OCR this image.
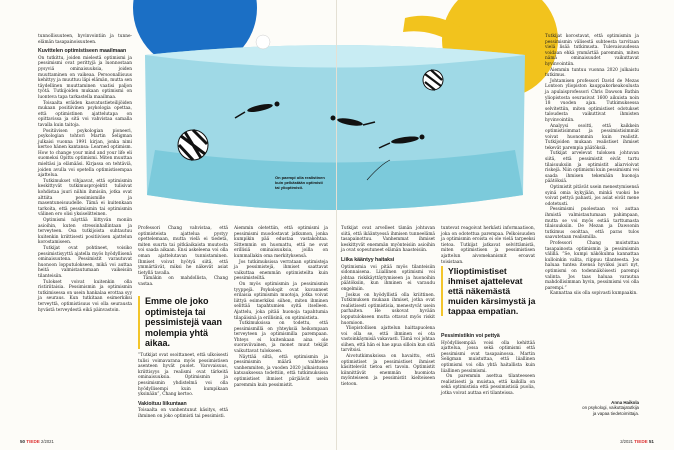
tunnollisuuteen, hyvinvointiin ja tunne-elämän tasapainoisuuteen.

Kuvittelen optimistiseen maailmaan

On tutkittu, joiden mielestä optimismi ja pessimismi ovat perittyjä ja luonnostaan pysyviä ominaisuuksia, joiden muuttaminen on vaikeaa. Persoonallisuus kehittyy ja muuttuu läpi elämän, mutta sen täydellinen muuttaminen vaatisi paljon työtä. Tutkijoiden mukaan optimismi on luonteva tapa tarkastella maailmaa.

Toisaalta eräiden kasvatustieteilijöiden mukaan positiivinen psykologia opettaa, että optimistinen ajattelutapa on opittavissa ja sitä voi vahvistaa samalla tavalla kuin taitoja.

Positiivisen psykologian pioneeri, psykologian tohtori Martin Seligman julkaisi vuonna 1991 kirjan, jonka nimi kertoo hänen kantansa: Learned optimism. How to change your mind and your life eli suomeksi Opittu optimismi. Miten muuttaa mieltäsi ja elämääsi. Kirjassa on tehtäviä, joiden avulla voi opetella optimistisempaa ajattelua.

Tutkimukset vihjaavat, että optimismin keskittyvät tutkimusprojektit tulisivat kohdistaa juuri niihin ihmisiin, jotka ovat alttiita pessimismille ja masentuneisuudelle. Tämä ei kuitenkaan tarkoita, että pessimismin tai optimismin välinen ero olisi yksiselitteinen.

Optimismi näyttää liittyvän moniin asioihin, kuten stressinhallintaan ja terveyteen. Osa tutkijoista suhtautuu kuitenkin kriittisesti positiivisen ajattelun korostamiseen.

Tutkijat ovat pohtineet, voisiko pessimistisyyttä ajatella myös hyödyllisenä ominaisuutena. Pessimistit varautuvat huonoon lopputulokseen, mikä voi auttaa heitä valmistautumaan vaikeisiin tilanteisiin.

Tulokset voivat kuitenkin olla ristiriitaisia. Pessimismin ja optimismin tutkimisessa on usein hankalaa erottaa syy ja seuraus. Kun tutkitaan esimerkiksi terveyttä, optimistisuus voi olla seurausta hyvästä terveydestä eikä päinvastoin.

Professori Chang vahvistaa, että optimisteista ajattelua pystyy opettelemaan, mutta vielä ei tiedetä, miten suurta tai pitkäaikaista muutosta voi saada aikaan. Ensi askeleena voi olla oman ajattelutavan tunnistaminen. Ihmiset voivat hyötyä siitä, että ymmärtävät, miksi he näkevät asiat tietyllä tavalla.

Tämäkin on mahdollista, Chang vastaa.

Emme ole joko optimisteja tai pessimistejä vaan molempia yhtä aikaa.

”Tutkijat ovat osoittaneet, että ulkoisesti tulisi voimavarana myös pessimistisen asenteen hyvät puolet. Varovaisuus, kriittisyys ja realismi ovat tärkeitä ominaisuuksia. Optimismin ja pessimismin yhdistelmä voi olla hyödyllisempi kuin kumpikaan yksinään”, Chang kertoo.

Vakioituu liikuntaan

Toisaalta on vanhentunut käsitys, että ihminen on joko optimisti tai pessimisti.

Aiemmin oletettiin, että optimismi ja pessimismi muodostavat jatkumon, jonka kumpikin pää edustaa vastakohtaa. Sittemmin on huomattu, että ne ovat erillisiä ominaisuuksia, joilla on kummallakin oma merkityksensä.

Jos tutkimuksissa verrataan optimisteja ja pessimistejä, ihmiset saattavat vaikuttaa enemmän optimisteilta kuin pessimisteiltä.

On myös optimismin ja pessimismin tyyppejä. Psykologit ovat kuvanneet erilaisia optimismin muotoja, jotka voivat liittyä esimerkiksi siihen, miten ihminen selittää tapahtumien syitä itselleen. Ajattelu, joka pitää huonoja tapahtumia tilapäisinä ja erillisinä, on optimistista.

Tutkimuksissa on todettu, että pessimismillä on yhteyksiä heikompaan terveyteen ja optimismilla parempaan. Yhteys ei kuitenkaan aina ole suoraviivainen, ja monet muut tekijät vaikuttavat tulokseen.

Näyttää siltä, että optimismin ja pessimismin määrä vaihtelee vanhemmiten, ja vuoden 2020 julkaistussa katsauksessa todettiin, että tutkimuksissa optimistiset ihmiset pärjäävät usein paremmin kuin pessimistit.

50 TIEDE 2/2021
On paempi olla realistinen kuin pelkästään optimisti tai ylioptimisti.

Tutkijat ovat arvelleet tämän johtuvan siitä, että ikääntyessä ihmisen tunneelämä tasapainottuu. Vanhemmat ihmiset keskittyvät enemmän myönteisiin asioihin ja ovat sopeutuneet elämän haasteisiin.

Liika kääntyy haitaksi

Optimismia voi pitää myös tilanteisiin sidonnaisena. Liiallinen optimismi voi johtaa riskikäyttäytymiseen ja huonoihin päätöksiin, kun ihminen ei varaudu ongelmiin.

Joskus on hyödyllistä olla kriittinen. Tutkimuksen mukaan ihmiset, jotka ovat realistisesti optimistisia, menestyvät usein parhaiten. He uskovat hyvään lopputulokseen mutta ottavat myös riskit huomioon.

Yliopistollisen ajattelun haittapuolena voi olla se, että ihminen ei ota vastoinkäymisiä vakavasti. Tämä voi johtaa siihen, että hän ei hae apua silloin kun sitä tarvitsisi.

Aivotutkimuksissa on havaittu, että optimistiset ja pessimistiset ihmiset käsittelevät tietoa eri tavoin. Optimistit kiinnittävät enemmän huomiota myönteiseen ja pessimistit kielteiseen tietoon.

tuntevat reagoivat herkästi informaatioon, joka on odotettua parempaa. Pelkoisuuden ja optimismin eroista ei ole vielä tarpeeksi tietoa. Tutkijat jatkavat selvittämistä, miten optimistisen ja pessimistisen ajattelun aivomekanismit eroavat toisistaan.

Ylioptimistiset ihmiset ajattelevat että näkemästä muiden kärsimystä ja tappaa empatian.
Pessimistikin voi pettyä

Hyödyllisempää voisi olla kehittää ajattelua, jossa sekä optimismi että pessimismi ovat tasapainossa. Martin Seligman muistuttaa, että liiallinen optimismi voi olla yhtä haitallista kuin liiallinen pessimismi.

On paremmin asettua tilanteeseen realistisesti ja muistaa, että kaikilla on sekä optimistisia että pessimistisiä puolia, jotka voivat auttaa eri tilanteissa.

Tutkijat korostavat, että optimismin ja pessimismin välisestä suhteesta tarvitaan vielä lisää tutkimusta. Tulevaisuudessa voidaan ehkä ymmärtää paremmin, miten nämä ominaisuudet vaikuttavat hyvinvointiin.

Aiemmin tuntuu vuonna 2020 julkaistu tutkimus.

Johtamisen professori David de Mezas Lontoon yliopiston kauppakorkeakoulusta ja apulaisprofessori Chris Dawson Bathin yliopistosta seurasivat 1600 aikuista noin 18 vuoden ajan. Tutkimuksessa selvitettiin, miten optimistiset odotukset taloudesta vaikuttivat ihmisten hyvinvointiin.

Analyysi osoitti, että kaikkein optimistisimmat ja pessimistisimmät voivat huonommin kuin realistit. Tutkijoiden mukaan realistiset ihmiset tekevät parempia päätöksiä.

Tutkijat arvelevat tuloksen johtuvan siitä, että pessimistit eivät tartu tilaisuuksiin ja optimistit aliarvioivat riskejä. Niin optimismi kuin pessimismi vei saada ihmisen tekemään huonoja päätöksiä.

Optimistit pitävät usein menestymisensä syinä omia kykyjään, minkä vuoksi he voivat pettyä pahasti, jos asiat eivät mene odotetusti.

Pessimismi puolestaan voi auttaa ihmistä valmistautumaan pahimpaan, mutta se voi myös estää tarttumasta tilaisuuksiin. De Mezan ja Dawsonin tutkimus osoittaa, että paras tulos saavutetaan realismilla.

Professori Chang muistuttaa tasapainosta optimismin ja pessimismin välillä. ”Se, kumpi näkökulma kannattaa kulloinkin valita, riippuu tilanteesta. Jos haluaa tuntea itsensä hyväksi juuri nyt, optimismi on todennäköisesti parempi valinta. Jos taas haluaa varautua mahdollisimman hyvin, pessimismi voi olla parempi.”

Kannattaa siis olla sopivasti kumpaakin.

Anna Haikola
on psykologi, vaikuttajatutkija
ja vapaa tiedetoimittaja.
2/2021 TIEDE 51
